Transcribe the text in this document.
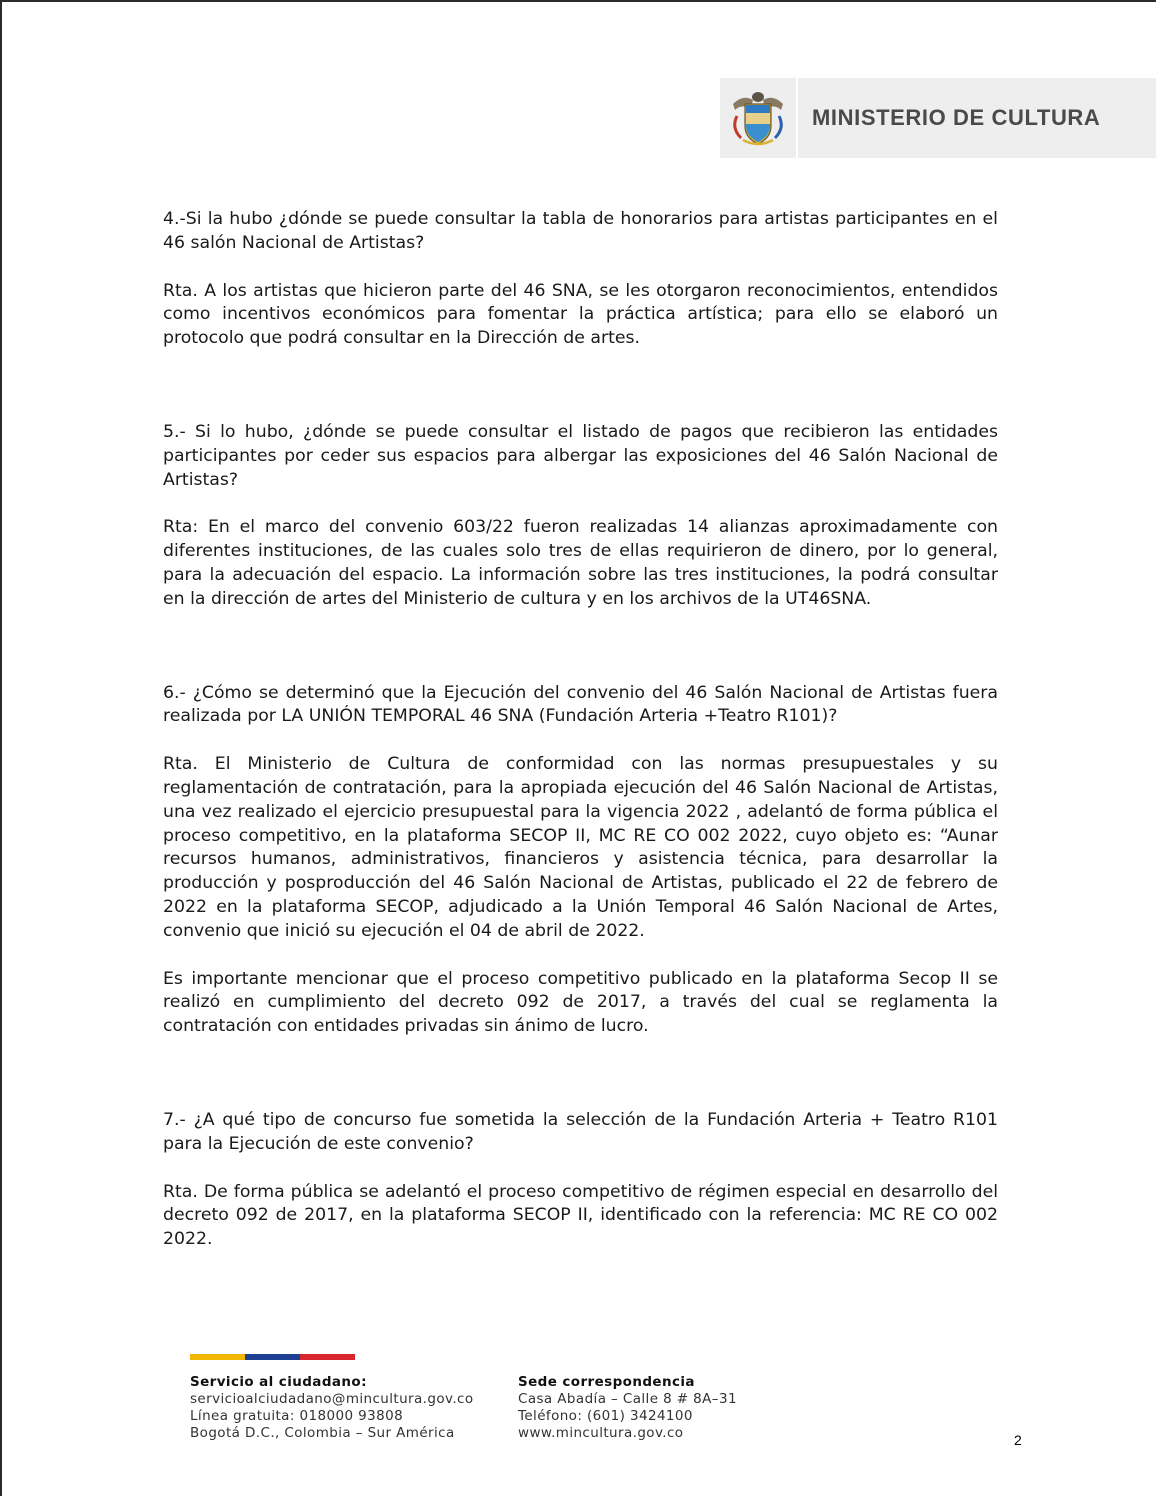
MINISTERIO DE CULTURA

4.-Si la hubo ¿dónde se puede consultar la tabla de honorarios para artistas participantes en el 46 salón Nacional de Artistas?

Rta. A los artistas que hicieron parte del 46 SNA, se les otorgaron reconocimientos, entendidos como incentivos económicos para fomentar la práctica artística; para ello se elaboró un protocolo que podrá consultar en la Dirección de artes.

5.- Si lo hubo, ¿dónde se puede consultar el listado de pagos que recibieron las entidades participantes por ceder sus espacios para albergar las exposiciones del 46 Salón Nacional de Artistas?

Rta: En el marco del convenio 603/22 fueron realizadas 14 alianzas aproximadamente con diferentes instituciones, de las cuales solo tres de ellas requirieron de dinero, por lo general, para la adecuación del espacio. La información sobre las tres instituciones, la podrá consultar en la dirección de artes del Ministerio de cultura y en los archivos de la UT46SNA.

6.- ¿Cómo se determinó que la Ejecución del convenio del 46 Salón Nacional de Artistas fuera realizada por LA UNIÓN TEMPORAL 46 SNA (Fundación Arteria +Teatro R101)?

Rta. El Ministerio de Cultura de conformidad con las normas presupuestales y su reglamentación de contratación, para la apropiada ejecución del 46 Salón Nacional de Artistas, una vez realizado el ejercicio presupuestal para la vigencia 2022 , adelantó de forma pública el proceso competitivo, en la plataforma SECOP II, MC RE CO 002 2022, cuyo objeto es: “Aunar recursos humanos, administrativos, financieros y asistencia técnica, para desarrollar la producción y posproducción del 46 Salón Nacional de Artistas, publicado el 22 de febrero de 2022 en la plataforma SECOP, adjudicado a la Unión Temporal 46 Salón Nacional de Artes, convenio que inició su ejecución el 04 de abril de 2022.

Es importante mencionar que el proceso competitivo publicado en la plataforma Secop II se realizó en cumplimiento del decreto 092 de 2017, a través del cual se reglamenta la contratación con entidades privadas sin ánimo de lucro.

7.- ¿A qué tipo de concurso fue sometida la selección de la Fundación Arteria + Teatro R101 para la Ejecución de este convenio?

Rta. De forma pública se adelantó el proceso competitivo de régimen especial en desarrollo del decreto 092 de 2017, en la plataforma SECOP II, identificado con la referencia: MC RE CO 002 2022.

Servicio al ciudadano:
servicioalciudadano@mincultura.gov.co
Línea gratuita: 018000 93808
Bogotá D.C., Colombia – Sur América
Sede correspondencia
Casa Abadía – Calle 8 # 8A–31
Teléfono: (601) 3424100
www.mincultura.gov.co	2
